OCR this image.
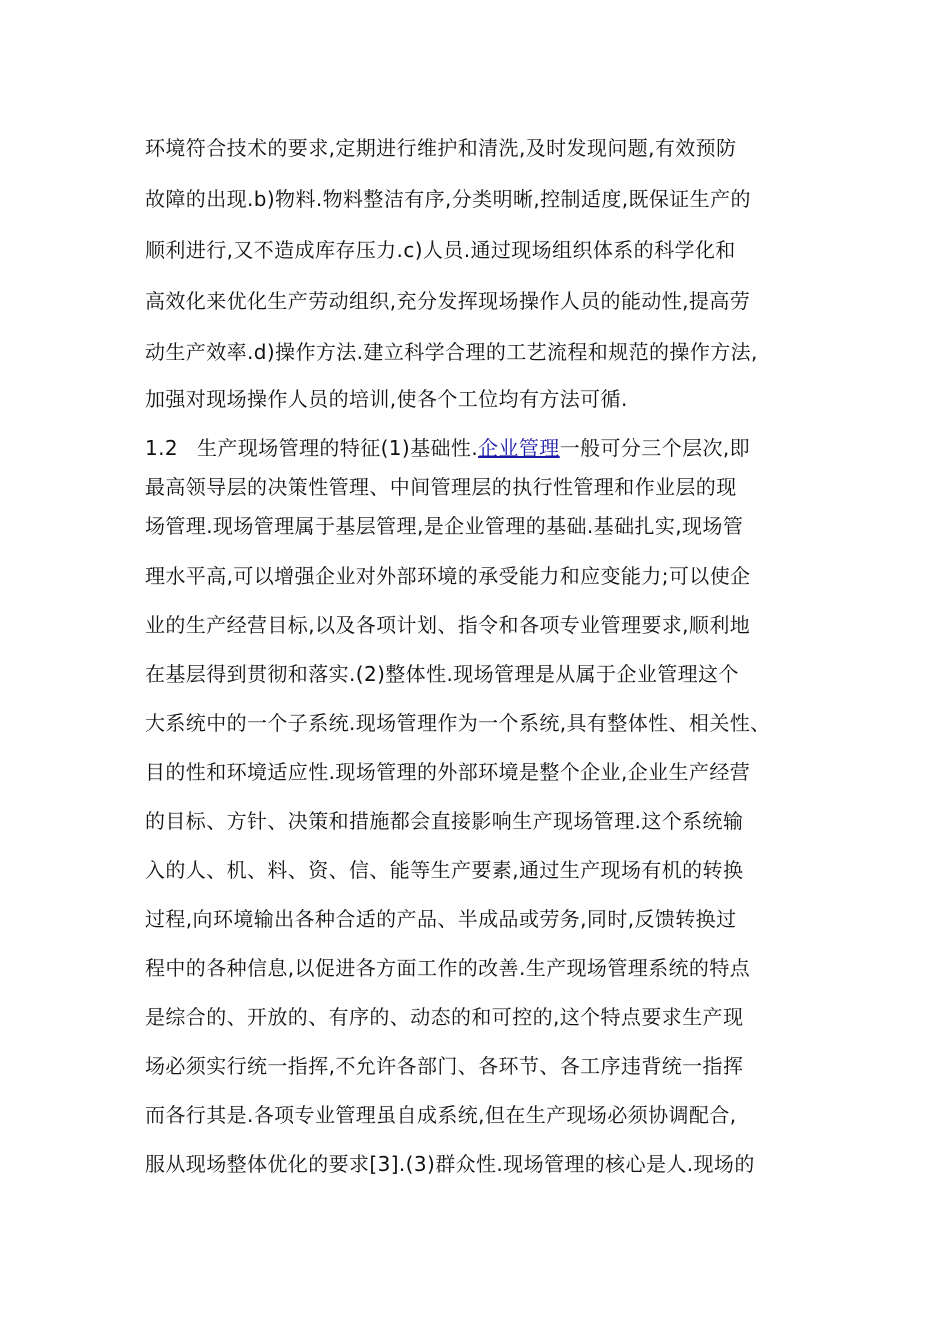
环境符合技术的要求,定期进行维护和清洗,及时发现问题,有效预防
故障的出现.b)物料.物料整洁有序,分类明晰,控制适度,既保证生产的
顺利进行,又不造成库存压力.c)人员.通过现场组织体系的科学化和
高效化来优化生产劳动组织,充分发挥现场操作人员的能动性,提高劳
动生产效率.d)操作方法.建立科学合理的工艺流程和规范的操作方法,
加强对现场操作人员的培训,使各个工位均有方法可循.
1.2 生产现场管理的特征(1)基础性.企业管理一般可分三个层次,即
最高领导层的决策性管理、中间管理层的执行性管理和作业层的现
场管理.现场管理属于基层管理,是企业管理的基础.基础扎实,现场管
理水平高,可以增强企业对外部环境的承受能力和应变能力;可以使企
业的生产经营目标,以及各项计划、指令和各项专业管理要求,顺利地
在基层得到贯彻和落实.(2)整体性.现场管理是从属于企业管理这个
大系统中的一个子系统.现场管理作为一个系统,具有整体性、相关性、
目的性和环境适应性.现场管理的外部环境是整个企业,企业生产经营
的目标、方针、决策和措施都会直接影响生产现场管理.这个系统输
入的人、机、料、资、信、能等生产要素,通过生产现场有机的转换
过程,向环境输出各种合适的产品、半成品或劳务,同时,反馈转换过
程中的各种信息,以促进各方面工作的改善.生产现场管理系统的特点
是综合的、开放的、有序的、动态的和可控的,这个特点要求生产现
场必须实行统一指挥,不允许各部门、各环节、各工序违背统一指挥
而各行其是.各项专业管理虽自成系统,但在生产现场必须协调配合,
服从现场整体优化的要求[3].(3)群众性.现场管理的核心是人.现场的
